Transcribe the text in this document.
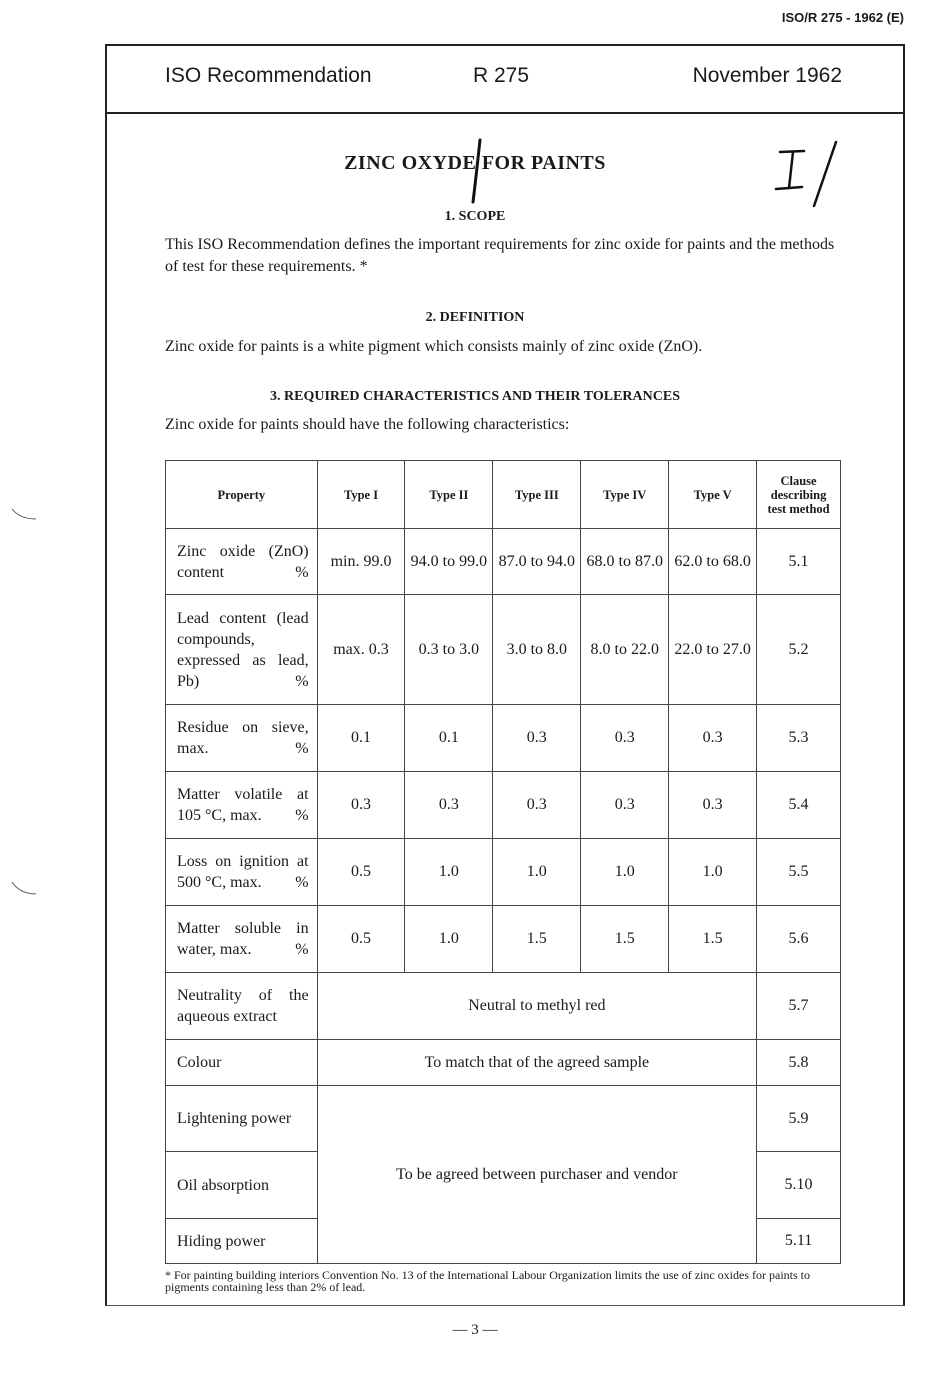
ISO/R 275 - 1962 (E)
ISO Recommendation	R 275	November 1962
ZINC OXYDE FOR PAINTS
1. SCOPE
This ISO Recommendation defines the important requirements for zinc oxide for paints and the methods of test for these requirements. *
2. DEFINITION
Zinc oxide for paints is a white pigment which consists mainly of zinc oxide (ZnO).
3. REQUIRED CHARACTERISTICS AND THEIR TOLERANCES
Zinc oxide for paints should have the following characteristics:
Property	Type I	Type II	Type III	Type IV	Type V	Clause describing test method
Zinc oxide (ZnO) content %	min. 99.0	94.0 to 99.0	87.0 to 94.0	68.0 to 87.0	62.0 to 68.0	5.1
Lead content (lead compounds, expressed as lead, Pb) %	max. 0.3	0.3 to 3.0	3.0 to 8.0	8.0 to 22.0	22.0 to 27.0	5.2
Residue on sieve, max. %	0.1	0.1	0.3	0.3	0.3	5.3
Matter volatile at 105 °C, max. %	0.3	0.3	0.3	0.3	0.3	5.4
Loss on ignition at 500 °C, max. %	0.5	1.0	1.0	1.0	1.0	5.5
Matter soluble in water, max. %	0.5	1.0	1.5	1.5	1.5	5.6
Neutrality of the aqueous extract	Neutral to methyl red					5.7
Colour	To match that of the agreed sample					5.8
Lightening power	To be agreed between purchaser and vendor					5.9
Oil absorption						5.10
Hiding power						5.11
* For painting building interiors Convention No. 13 of the International Labour Organization limits the use of zinc oxides for paints to pigments containing less than 2% of lead.
— 3 —
